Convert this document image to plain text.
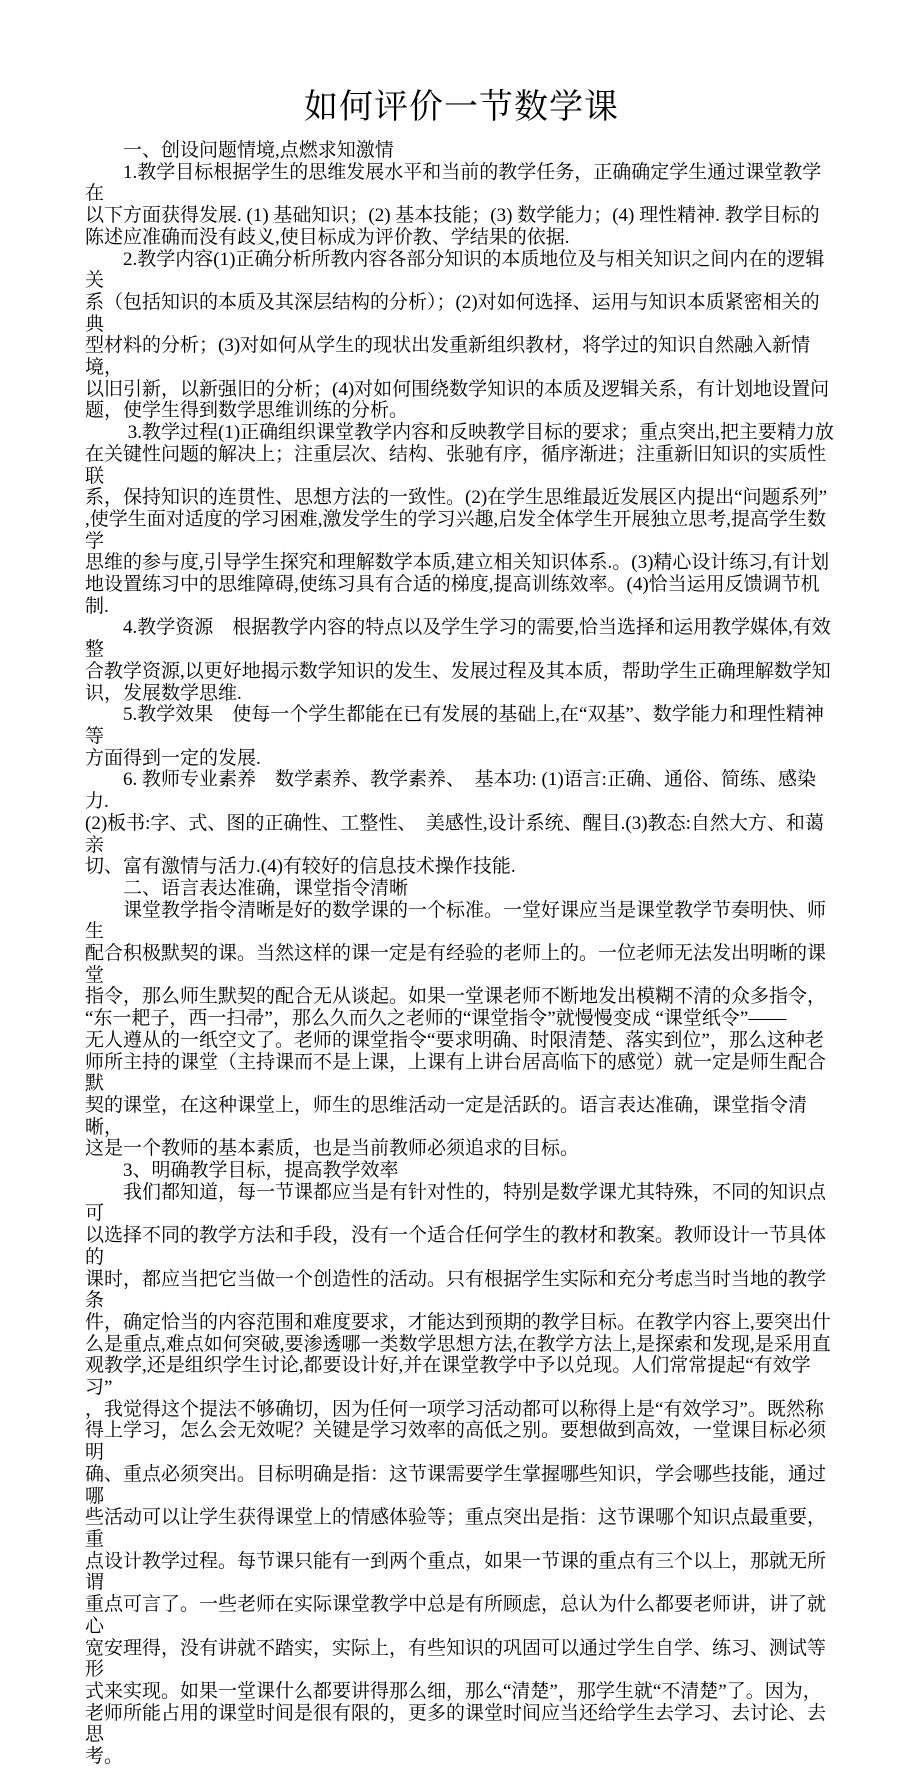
如何评价一节数学课
　　一、创设问题情境,点燃求知激情
　　1.教学目标根据学生的思维发展水平和当前的教学任务，正确确定学生通过课堂教学在
以下方面获得发展. (1) 基础知识；(2) 基本技能；(3) 数学能力；(4) 理性精神. 教学目标的
陈述应准确而没有歧义,使目标成为评价教、学结果的依据.
　　2.教学内容(1)正确分析所教内容各部分知识的本质地位及与相关知识之间内在的逻辑关
系（包括知识的本质及其深层结构的分析）；(2)对如何选择、运用与知识本质紧密相关的典
型材料的分析；(3)对如何从学生的现状出发重新组织教材，将学过的知识自然融入新情境，
以旧引新，以新强旧的分析；(4)对如何围绕数学知识的本质及逻辑关系，有计划地设置问
题，使学生得到数学思维训练的分析。
　　 3.教学过程(1)正确组织课堂教学内容和反映教学目标的要求；重点突出,把主要精力放
在关键性问题的解决上；注重层次、结构、张驰有序，循序渐进；注重新旧知识的实质性联
系，保持知识的连贯性、思想方法的一致性。(2)在学生思维最近发展区内提出“问题系列”
,使学生面对适度的学习困难,激发学生的学习兴趣,启发全体学生开展独立思考,提高学生数学
思维的参与度,引导学生探究和理解数学本质,建立相关知识体系.。(3)精心设计练习,有计划
地设置练习中的思维障碍,使练习具有合适的梯度,提高训练效率。(4)恰当运用反馈调节机制.
　　4.教学资源　根据教学内容的特点以及学生学习的需要,恰当选择和运用教学媒体,有效整
合教学资源,以更好地揭示数学知识的发生、发展过程及其本质，帮助学生正确理解数学知
识，发展数学思维.
　　5.教学效果　使每一个学生都能在已有发展的基础上,在“双基”、数学能力和理性精神等
方面得到一定的发展.
　　6. 教师专业素养　数学素养、教学素养、　基本功: (1)语言:正确、通俗、简练、感染力.
(2)板书:字、式、图的正确性、工整性、　美感性,设计系统、醒目.(3)教态:自然大方、和蔼亲
切、富有激情与活力.(4)有较好的信息技术操作技能.
　　二、语言表达准确，课堂指令清晰
　　课堂教学指令清晰是好的数学课的一个标准。一堂好课应当是课堂教学节奏明快、师生
配合积极默契的课。当然这样的课一定是有经验的老师上的。一位老师无法发出明晰的课堂
指令，那么师生默契的配合无从谈起。如果一堂课老师不断地发出模糊不清的众多指令，
“东一耙子，西一扫帚”，那么久而久之老师的“课堂指令”就慢慢变成 “课堂纸令”——
无人遵从的一纸空文了。老师的课堂指令“要求明确、时限清楚、落实到位”，那么这种老
师所主持的课堂（主持课而不是上课，上课有上讲台居高临下的感觉）就一定是师生配合默
契的课堂，在这种课堂上，师生的思维活动一定是活跃的。语言表达准确，课堂指令清晰，
这是一个教师的基本素质，也是当前教师必须追求的目标。
　　3、明确教学目标，提高教学效率
　　我们都知道，每一节课都应当是有针对性的，特别是数学课尤其特殊，不同的知识点可
以选择不同的教学方法和手段，没有一个适合任何学生的教材和教案。教师设计一节具体的
课时，都应当把它当做一个创造性的活动。只有根据学生实际和充分考虑当时当地的教学条
件，确定恰当的内容范围和难度要求，才能达到预期的教学目标。在教学内容上,要突出什
么是重点,难点如何突破,要渗透哪一类数学思想方法,在教学方法上,是探索和发现,是采用直
观教学,还是组织学生讨论,都要设计好,并在课堂教学中予以兑现。人们常常提起“有效学习”
，我觉得这个提法不够确切，因为任何一项学习活动都可以称得上是“有效学习”。既然称
得上学习，怎么会无效呢？关键是学习效率的高低之别。要想做到高效，一堂课目标必须明
确、重点必须突出。目标明确是指：这节课需要学生掌握哪些知识，学会哪些技能，通过哪
些活动可以让学生获得课堂上的情感体验等；重点突出是指：这节课哪个知识点最重要，重
点设计教学过程。每节课只能有一到两个重点，如果一节课的重点有三个以上，那就无所谓
重点可言了。一些老师在实际课堂教学中总是有所顾虑，总认为什么都要老师讲，讲了就心
宽安理得，没有讲就不踏实，实际上，有些知识的巩固可以通过学生自学、练习、测试等形
式来实现。如果一堂课什么都要讲得那么细，那么“清楚”，那学生就“不清楚”了。因为，
老师所能占用的课堂时间是很有限的，更多的课堂时间应当还给学生去学习、去讨论、去思
考。
